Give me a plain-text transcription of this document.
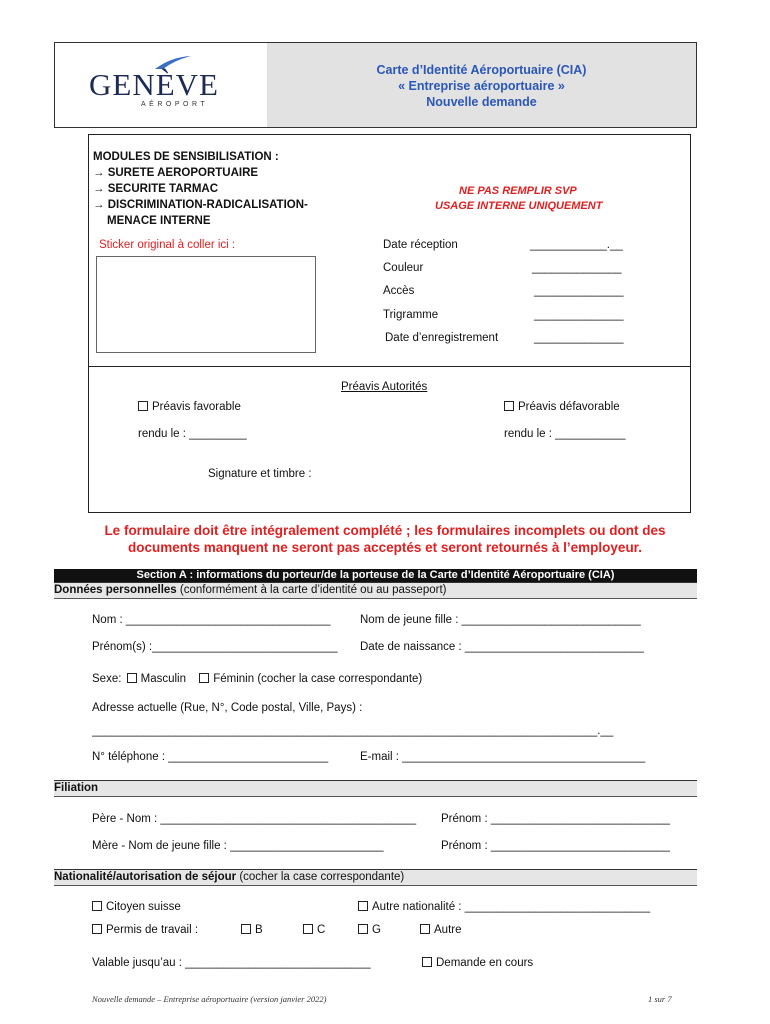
GENÈVE
AÉROPORT
Carte d’Identité Aéroportuaire (CIA)
« Entreprise aéroportuaire »
Nouvelle demande
MODULES DE SENSIBILISATION :
→ SURETE AEROPORTUAIRE
→ SECURITE TARMAC
→ DISCRIMINATION-RADICALISATION-
MENACE INTERNE
NE PAS REMPLIR SVP
USAGE INTERNE UNIQUEMENT
Sticker original à coller ici :	Date réception	____________.__
Couleur	______________
Accès	______________
Trigramme	______________
Date d’enregistrement	______________
Préavis Autorités
Préavis favorable	Préavis défavorable
rendu le : _________	rendu le : ___________
Signature et timbre :
Le formulaire doit être intégralement complété ; les formulaires incomplets ou dont des
documents manquent ne seront pas acceptés et seront retournés à l’employeur.
Section A : informations du porteur/de la porteuse de la Carte d’Identité Aéroportuaire (CIA)
Données personnelles (conformément à la carte d’identité ou au passeport)
Nom : ________________________________	Nom de jeune fille : ____________________________
Prénom(s) :_____________________________ Date de naissance : ____________________________
Sexe: Masculin Féminin (cocher la case correspondante)
Adresse actuelle (Rue, N°, Code postal, Ville, Pays) :
_______________________________________________________________________________.__
N° téléphone : _________________________	E-mail : ______________________________________
Filiation
Père - Nom : ________________________________________ Prénom : ____________________________
Mère - Nom de jeune fille : ________________________	Prénom : ____________________________
Nationalité/autorisation de séjour (cocher la case correspondante)
Citoyen suisse	Autre nationalité : _____________________________
Permis de travail :	B	C	G	Autre
Valable jusqu’au : _____________________________	Demande en cours
Nouvelle demande – Entreprise aéroportuaire (version janvier 2022)	1 sur 7
